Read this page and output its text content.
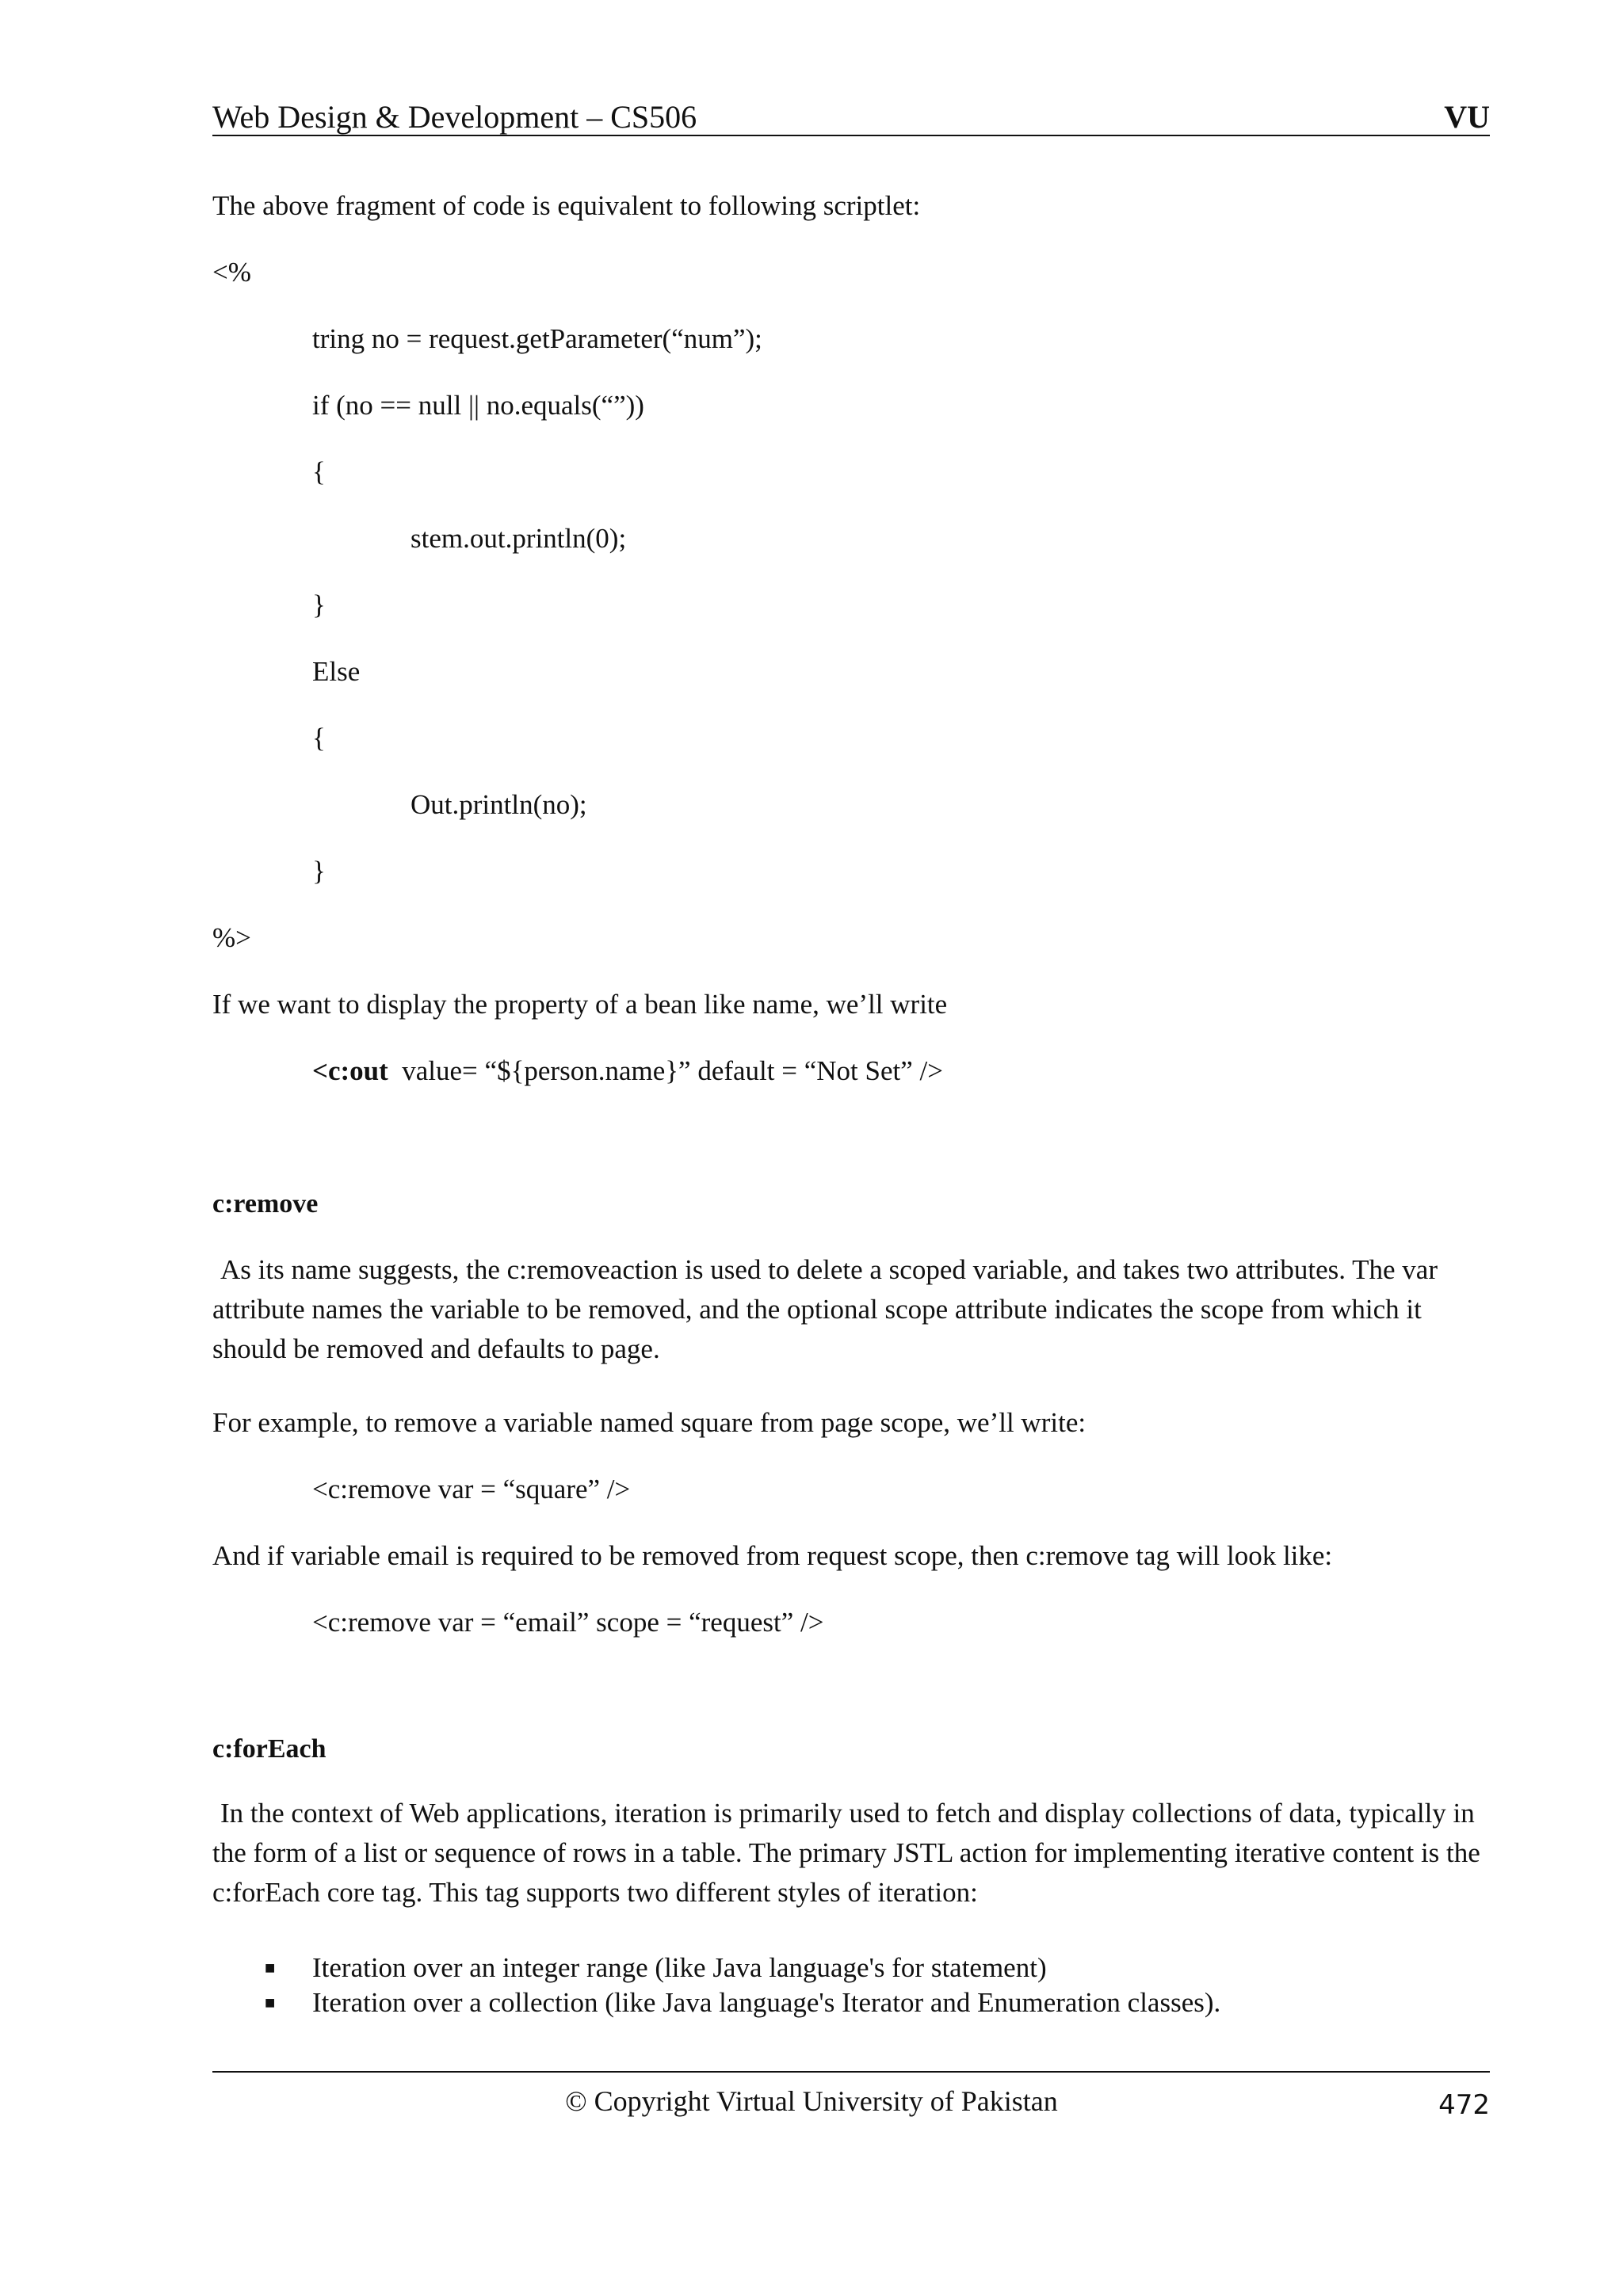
Web Design & Development – CS506	VU
The above fragment of code is equivalent to following scriptlet:
<%
tring no = request.getParameter(“num”);
if (no == null || no.equals(“”))
{
stem.out.println(0);
}
Else
{
Out.println(no);
}
%>
If we want to display the property of a bean like name, we’ll write
<c:out value= “${person.name}” default = “Not Set” />
c:remove
As its name suggests, the c:removeaction is used to delete a scoped variable, and takes two attributes. The var attribute names the variable to be removed, and the optional scope attribute indicates the scope from which it should be removed and defaults to page.
For example, to remove a variable named square from page scope, we’ll write:
<c:remove var = “square” />
And if variable email is required to be removed from request scope, then c:remove tag will look like:
<c:remove var = “email” scope = “request” />
c:forEach
In the context of Web applications, iteration is primarily used to fetch and display collections of data, typically in the form of a list or sequence of rows in a table. The primary JSTL action for implementing iterative content is the c:forEach core tag. This tag supports two different styles of iteration:
■ Iteration over an integer range (like Java language's for statement)
■ Iteration over a collection (like Java language's Iterator and Enumeration classes).
© Copyright Virtual University of Pakistan	472
